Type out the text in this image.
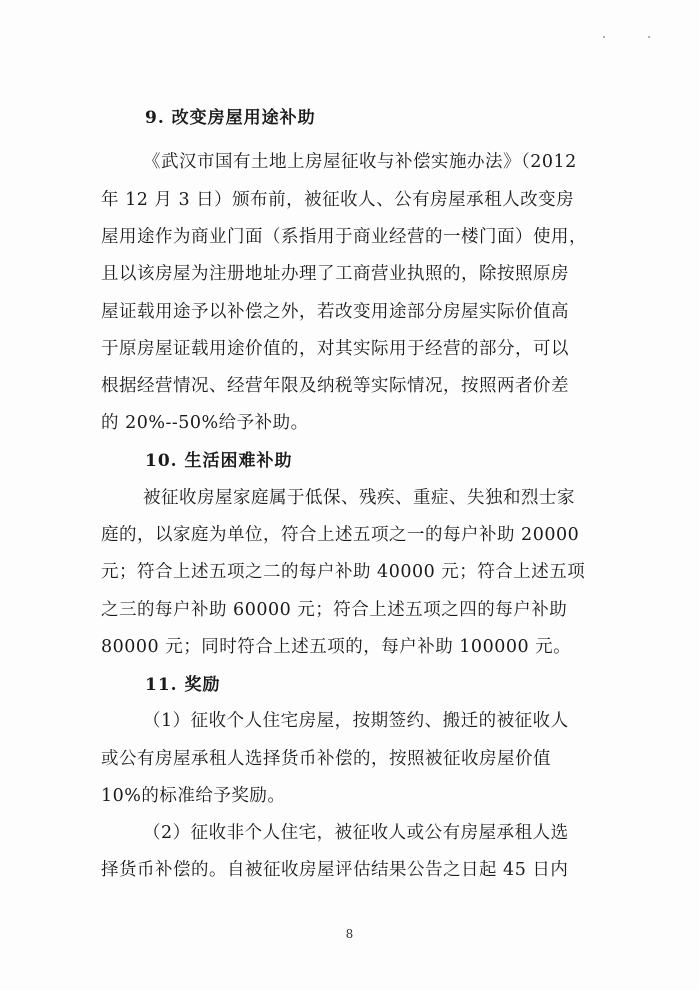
9. 改变房屋用途补助
《武汉市国有土地上房屋征收与补偿实施办法》（2012
年 12 月 3 日）颁布前，被征收人、公有房屋承租人改变房
屋用途作为商业门面（系指用于商业经营的一楼门面）使用，
且以该房屋为注册地址办理了工商营业执照的，除按照原房
屋证载用途予以补偿之外，若改变用途部分房屋实际价值高
于原房屋证载用途价值的，对其实际用于经营的部分，可以
根据经营情况、经营年限及纳税等实际情况，按照两者价差
的 20%--50%给予补助。
10. 生活困难补助
被征收房屋家庭属于低保、残疾、重症、失独和烈士家
庭的，以家庭为单位，符合上述五项之一的每户补助 20000
元；符合上述五项之二的每户补助 40000 元；符合上述五项
之三的每户补助 60000 元；符合上述五项之四的每户补助
80000 元；同时符合上述五项的，每户补助 100000 元。
11. 奖励
（1）征收个人住宅房屋，按期签约、搬迁的被征收人
或公有房屋承租人选择货币补偿的，按照被征收房屋价值
10%的标准给予奖励。
（2）征收非个人住宅，被征收人或公有房屋承租人选
择货币补偿的。自被征收房屋评估结果公告之日起 45 日内
8
